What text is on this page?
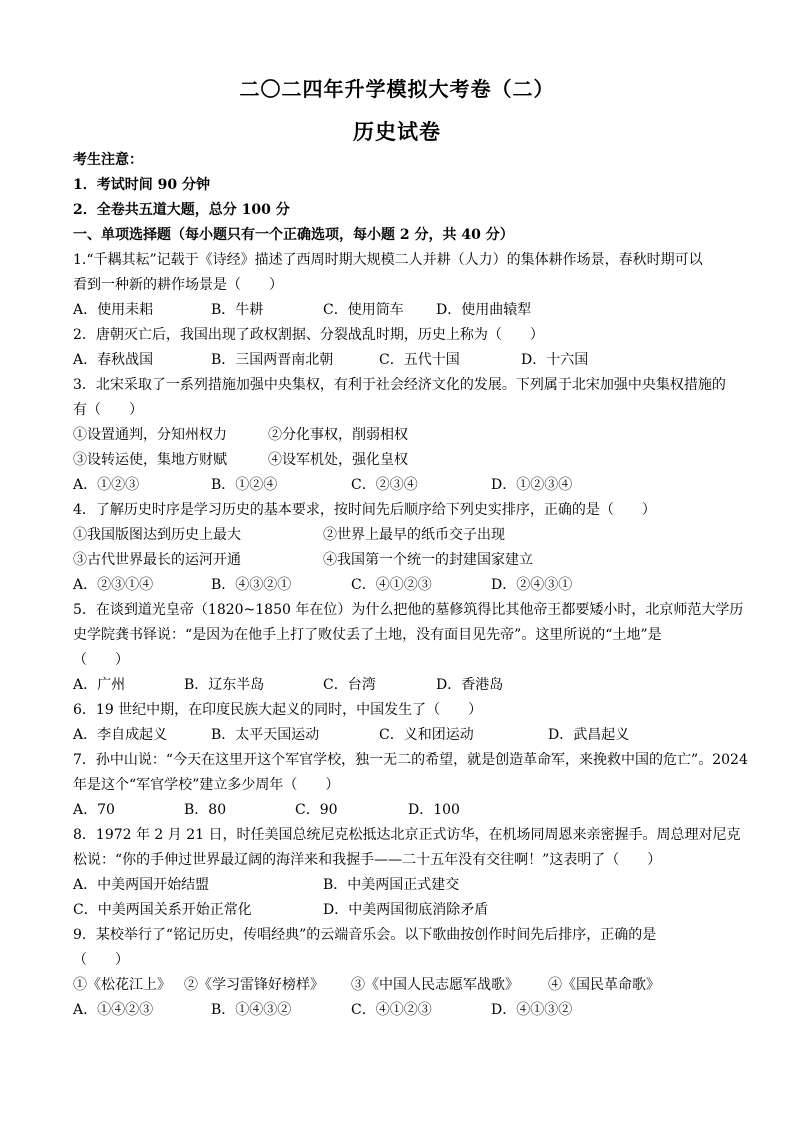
二〇二四年升学模拟大考卷（二）
历史试卷
考生注意：
1．考试时间 90 分钟
2．全卷共五道大题，总分 100 分
一、单项选择题（每小题只有一个正确选项，每小题 2 分，共 40 分）
1.“千耦其耘”记载于《诗经》描述了西周时期大规模二人并耕（人力）的集体耕作场景，春秋时期可以
看到一种新的耕作场景是（　　）
A．使用耒耜	B．牛耕	C．使用筒车 D．使用曲辕犁
2．唐朝灭亡后，我国出现了政权割据、分裂战乱时期，历史上称为（　　）
A．春秋战国	B．三国两晋南北朝	C．五代十国	D．十六国
3．北宋采取了一系列措施加强中央集权，有利于社会经济文化的发展。下列属于北宋加强中央集权措施的
有（　　）
①设置通判，分知州权力	②分化事权，削弱相权
③设转运使，集地方财赋	④设军机处，强化皇权
A．①②③	B．①②④	C．②③④	D．①②③④
4．了解历史时序是学习历史的基本要求，按时间先后顺序给下列史实排序，正确的是（　　）
①我国版图达到历史上最大	②世界上最早的纸币交子出现
③古代世界最长的运河开通	④我国第一个统一的封建国家建立
A．②③①④	B．④③②①	C．④①②③	D．②④③①
5．在谈到道光皇帝（1820~1850 年在位）为什么把他的墓修筑得比其他帝王都要矮小时，北京师范大学历
史学院龚书铎说：“是因为在他手上打了败仗丢了土地，没有面目见先帝”。这里所说的“土地”是
（　　）
A．广州	B．辽东半岛	C．台湾	D．香港岛
6．19 世纪中期，在印度民族大起义的同时，中国发生了（　　）
A．李自成起义	B．太平天国运动	C．义和团运动	D．武昌起义
7．孙中山说：“今天在这里开这个军官学校，独一无二的希望，就是创造革命军，来挽救中国的危亡”。2024
年是这个“军官学校”建立多少周年（　　）
A．70	B．80	C．90	D．100
8．1972 年 2 月 21 日，时任美国总统尼克松抵达北京正式访华，在机场同周恩来亲密握手。周总理对尼克
松说：“你的手伸过世界最辽阔的海洋来和我握手——二十五年没有交往啊！”这表明了（　　）
A．中美两国开始结盟	B．中美两国正式建交
C．中美两国关系开始正常化	D．中美两国彻底消除矛盾
9．某校举行了“铭记历史，传唱经典”的云端音乐会。以下歌曲按创作时间先后排序，正确的是
（　　）
①《松花江上》 ②《学习雷锋好榜样》 ③《中国人民志愿军战歌》 ④《国民革命歌》
A．①④②③	B．①④③②	C．④①②③	D．④①③②
